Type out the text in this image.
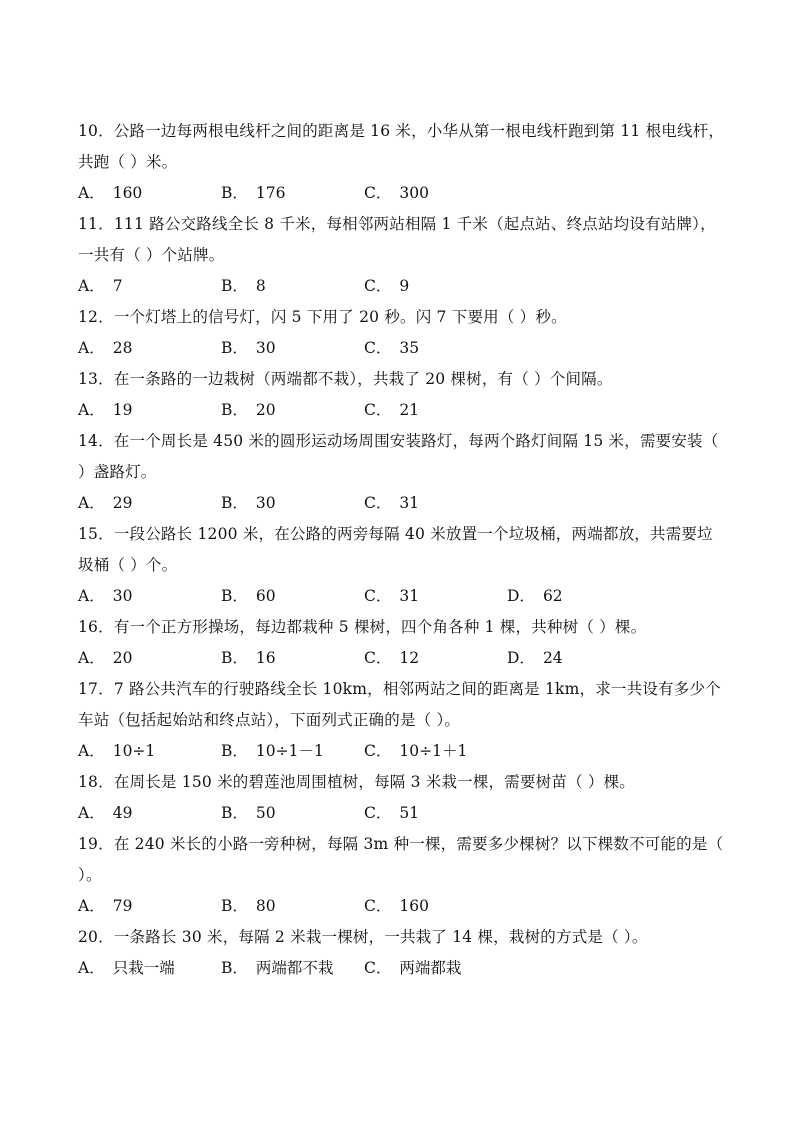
10．公路一边每两根电线杆之间的距离是 16 米，小华从第一根电线杆跑到第 11 根电线杆，共跑（ ）米。
A． 160	B． 176	C． 300
11．111 路公交路线全长 8 千米，每相邻两站相隔 1 千米（起点站、终点站均设有站牌），一共有（ ）个站牌。
A． 7	B． 8	C． 9
12．一个灯塔上的信号灯，闪 5 下用了 20 秒。闪 7 下要用（ ）秒。
A． 28	B． 30	C． 35
13．在一条路的一边栽树（两端都不栽），共栽了 20 棵树，有（ ）个间隔。
A． 19	B． 20	C． 21
14．在一个周长是 450 米的圆形运动场周围安装路灯，每两个路灯间隔 15 米，需要安装（ ）盏路灯。
A． 29	B． 30	C． 31
15．一段公路长 1200 米，在公路的两旁每隔 40 米放置一个垃圾桶，两端都放，共需要垃圾桶（ ）个。
A． 30	B． 60	C． 31	D． 62
16．有一个正方形操场，每边都栽种 5 棵树，四个角各种 1 棵，共种树（ ）棵。
A． 20	B． 16	C． 12	D． 24
17．7 路公共汽车的行驶路线全长 10km，相邻两站之间的距离是 1km，求一共设有多少个车站（包括起始站和终点站），下面列式正确的是（ ）。
A． 10÷1	B． 10÷1－1	C． 10÷1＋1
18．在周长是 150 米的碧莲池周围植树，每隔 3 米栽一棵，需要树苗（ ）棵。
A． 49	B． 50	C． 51
19．在 240 米长的小路一旁种树，每隔 3m 种一棵，需要多少棵树？以下棵数不可能的是（ ）。
A． 79	B． 80	C． 160
20．一条路长 30 米，每隔 2 米栽一棵树，一共栽了 14 棵，栽树的方式是（ ）。
A． 只栽一端	B． 两端都不栽	C． 两端都栽
